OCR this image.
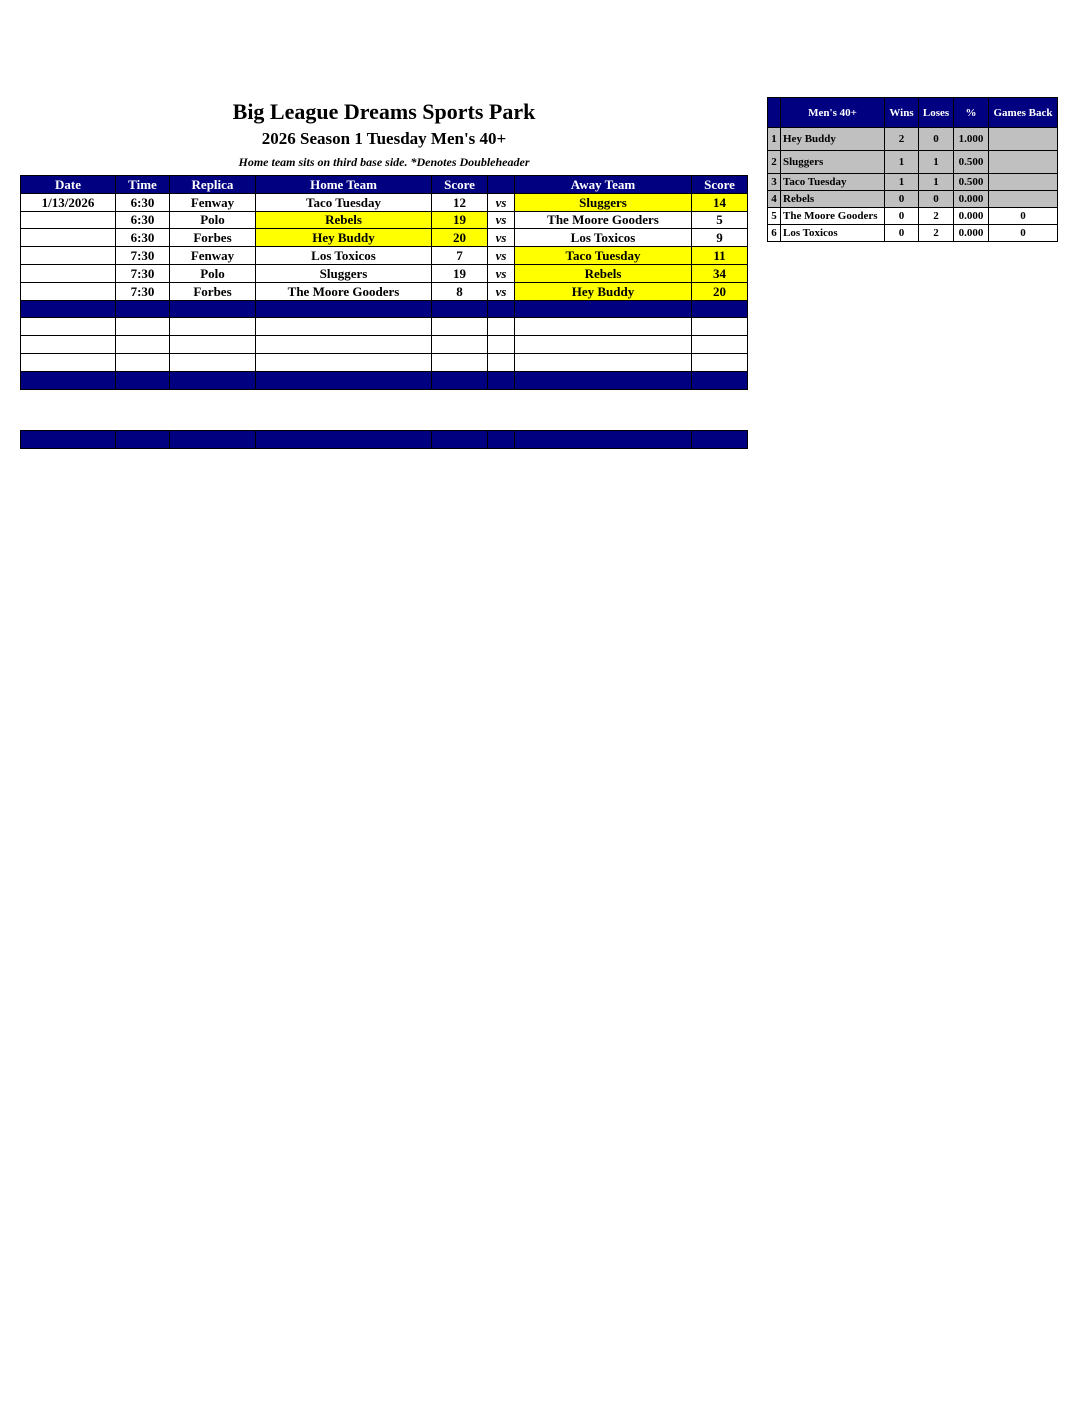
Big League Dreams Sports Park
2026 Season 1 Tuesday Men's 40+
Home team sits on third base side. *Denotes Doubleheader
Date	Time	Replica	Home Team	Score		Away Team	Score
1/13/2026	6:30	Fenway	Taco Tuesday	12	vs	Sluggers	14
	6:30	Polo	Rebels	19	vs	The Moore Gooders	5
	6:30	Forbes	Hey Buddy	20	vs	Los Toxicos	9
	7:30	Fenway	Los Toxicos	7	vs	Taco Tuesday	11
	7:30	Polo	Sluggers	19	vs	Rebels	34
	7:30	Forbes	The Moore Gooders	8	vs	Hey Buddy	20

	Men's 40+	Wins	Loses	%	Games Back
1	Hey Buddy	2	0	1.000	
2	Sluggers	1	1	0.500	
3	Taco Tuesday	1	1	0.500	
4	Rebels	0	0	0.000	
5	The Moore Gooders	0	2	0.000	0
6	Los Toxicos	0	2	0.000	0
